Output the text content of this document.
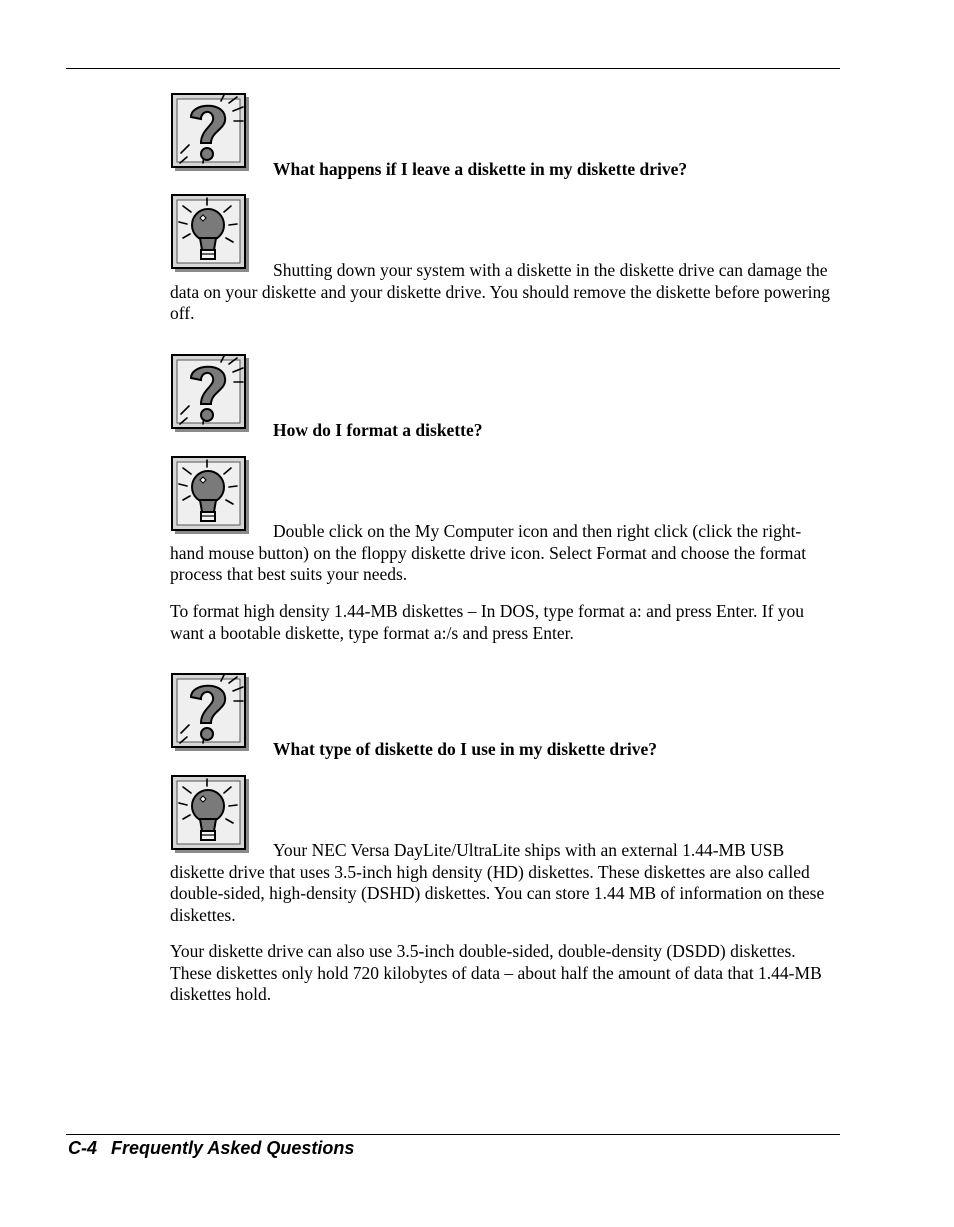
What happens if I leave a diskette in my diskette drive?
Shutting down your system with a diskette in the diskette drive can damage the data on your diskette and your diskette drive. You should remove the diskette before powering off.
How do I format a diskette?
Double click on the My Computer icon and then right click (click the right-hand mouse button) on the floppy diskette drive icon. Select Format and choose the format process that best suits your needs.
To format high density 1.44-MB diskettes – In DOS, type format a: and press Enter. If you want a bootable diskette, type format a:/s and press Enter.
What type of diskette do I use in my diskette drive?
Your NEC Versa DayLite/UltraLite ships with an external 1.44-MB USB diskette drive that uses 3.5-inch high density (HD) diskettes. These diskettes are also called double-sided, high-density (DSHD) diskettes. You can store 1.44 MB of information on these diskettes.
Your diskette drive can also use 3.5-inch double-sided, double-density (DSDD) diskettes. These diskettes only hold 720 kilobytes of data – about half the amount of data that 1.44-MB diskettes hold.
C-4 Frequently Asked Questions
